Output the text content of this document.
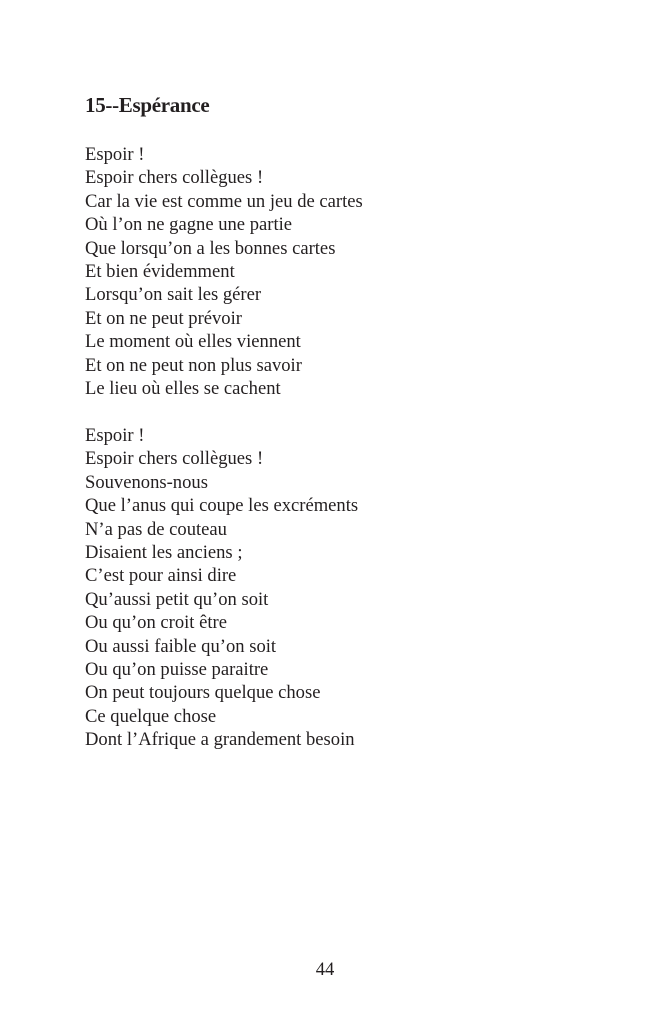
15--Espérance
Espoir !
Espoir chers collègues !
Car la vie est comme un jeu de cartes
Où l’on ne gagne une partie
Que lorsqu’on a les bonnes cartes
Et bien évidemment
Lorsqu’on sait les gérer
Et on ne peut prévoir
Le moment où elles viennent
Et on ne peut non plus savoir
Le lieu où elles se cachent
Espoir !
Espoir chers collègues !
Souvenons-nous
Que l’anus qui coupe les excréments
N’a pas de couteau
Disaient les anciens ;
C’est pour ainsi dire
Qu’aussi petit qu’on soit
Ou qu’on croit être
Ou aussi faible qu’on soit
Ou qu’on puisse paraitre
On peut toujours quelque chose
Ce quelque chose
Dont l’Afrique a grandement besoin
44
